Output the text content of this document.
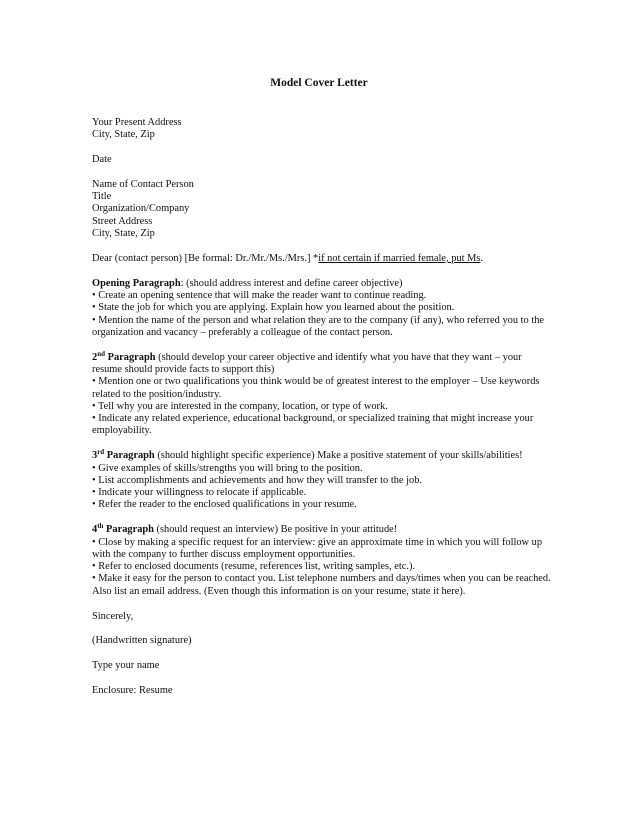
Model Cover Letter
Your Present Address
City, State, Zip
Date
Name of Contact Person
Title
Organization/Company
Street Address
City, State, Zip
Dear (contact person) [Be formal: Dr./Mr./Ms./Mrs.] *if not certain if married female, put Ms.
Opening Paragraph: (should address interest and define career objective)
• Create an opening sentence that will make the reader want to continue reading.
• State the job for which you are applying. Explain how you learned about the position.
• Mention the name of the person and what relation they are to the company (if any), who referred you to the organization and vacancy – preferably a colleague of the contact person.
2nd Paragraph (should develop your career objective and identify what you have that they want – your resume should provide facts to support this)
• Mention one or two qualifications you think would be of greatest interest to the employer – Use keywords related to the position/industry.
• Tell why you are interested in the company, location, or type of work.
• Indicate any related experience, educational background, or specialized training that might increase your employability.
3rd Paragraph (should highlight specific experience) Make a positive statement of your skills/abilities!
• Give examples of skills/strengths you will bring to the position.
• List accomplishments and achievements and how they will transfer to the job.
• Indicate your willingness to relocate if applicable.
• Refer the reader to the enclosed qualifications in your resume.
4th Paragraph (should request an interview) Be positive in your attitude!
• Close by making a specific request for an interview: give an approximate time in which you will follow up with the company to further discuss employment opportunities.
• Refer to enclosed documents (resume, references list, writing samples, etc.).
• Make it easy for the person to contact you. List telephone numbers and days/times when you can be reached. Also list an email address. (Even though this information is on your resume, state it here).
Sincerely,
(Handwritten signature)
Type your name
Enclosure: Resume
